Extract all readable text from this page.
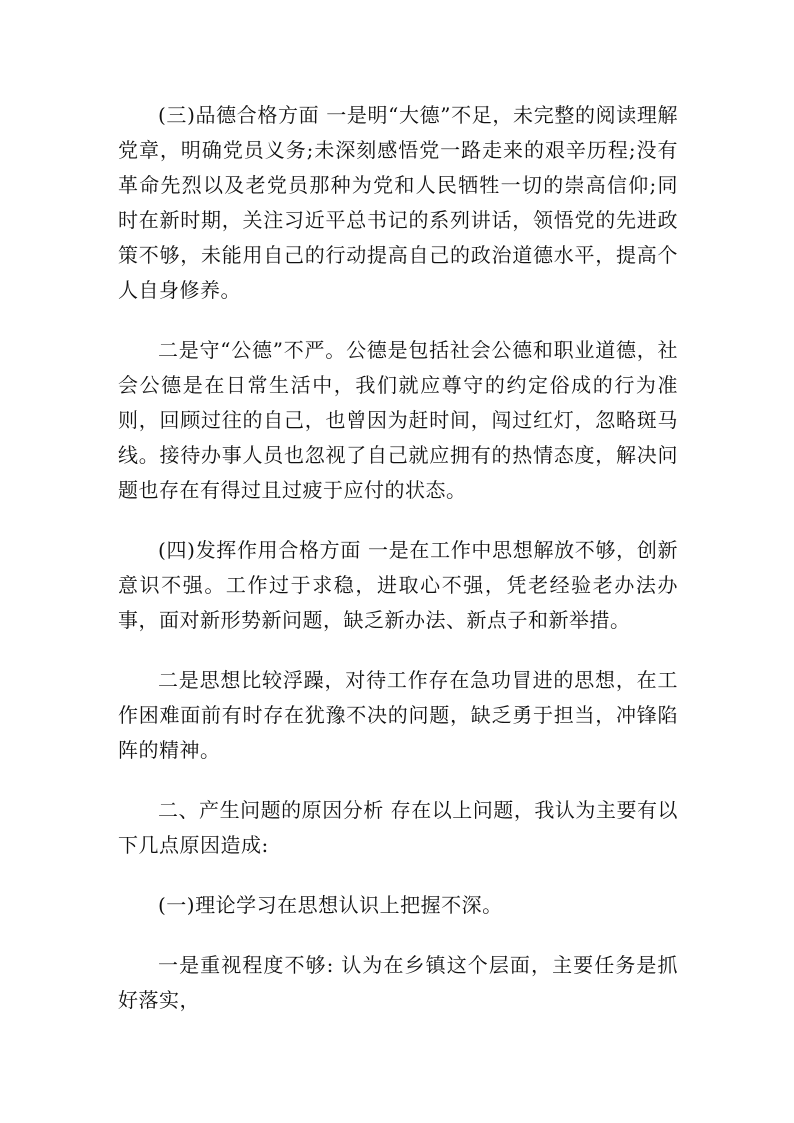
(三)品德合格方面 一是明“大德”不足，未完整的阅读理解党章，明确党员义务;未深刻感悟党一路走来的艰辛历程;没有革命先烈以及老党员那种为党和人民牺牲一切的崇高信仰;同时在新时期，关注习近平总书记的系列讲话，领悟党的先进政策不够，未能用自己的行动提高自己的政治道德水平，提高个人自身修养。

二是守“公德”不严。公德是包括社会公德和职业道德，社会公德是在日常生活中，我们就应尊守的约定俗成的行为准则，回顾过往的自己，也曾因为赶时间，闯过红灯，忽略斑马线。接待办事人员也忽视了自己就应拥有的热情态度，解决问题也存在有得过且过疲于应付的状态。

(四)发挥作用合格方面 一是在工作中思想解放不够，创新意识不强。工作过于求稳，进取心不强，凭老经验老办法办事，面对新形势新问题，缺乏新办法、新点子和新举措。

二是思想比较浮躁，对待工作存在急功冒进的思想，在工作困难面前有时存在犹豫不决的问题，缺乏勇于担当，冲锋陷阵的精神。

二、产生问题的原因分析 存在以上问题，我认为主要有以下几点原因造成:

(一)理论学习在思想认识上把握不深。

一是重视程度不够: 认为在乡镇这个层面，主要任务是抓好落实，
